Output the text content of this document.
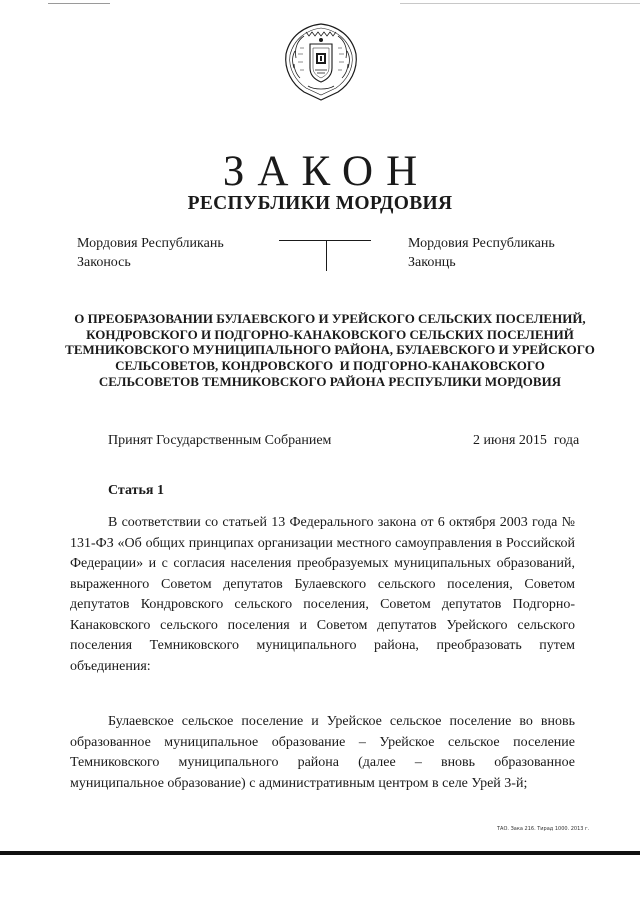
ЗАКОН
РЕСПУБЛИКИ МОРДОВИЯ
Мордовия Республикань
Законось
Мордовия Республикань
Законць
О ПРЕОБРАЗОВАНИИ БУЛАЕВСКОГО И УРЕЙСКОГО СЕЛЬСКИХ ПОСЕЛЕНИЙ,
КОНДРОВСКОГО И ПОДГОРНО-КАНАКОВСКОГО СЕЛЬСКИХ ПОСЕЛЕНИЙ
ТЕМНИКОВСКОГО МУНИЦИПАЛЬНОГО РАЙОНА, БУЛАЕВСКОГО И УРЕЙСКОГО
СЕЛЬСОВЕТОВ, КОНДРОВСКОГО  И ПОДГОРНО-КАНАКОВСКОГО
СЕЛЬСОВЕТОВ ТЕМНИКОВСКОГО РАЙОНА РЕСПУБЛИКИ МОРДОВИЯ
Принят Государственным Собранием	2 июня 2015  года
Статья 1

В соответствии со статьей 13 Федерального закона от 6 октября 2003 года № 131-ФЗ «Об общих принципах организации местного самоуправления в Российской Федерации» и с согласия населения преобразуемых муниципальных образований, выраженного Советом депутатов Булаевского сельского поселения, Советом депутатов Кондровского сельского поселения, Советом депутатов Подгорно-Канаковского сельского поселения и Советом депутатов Урейского сельского поселения Темниковского муниципального района, преобразовать путем объединения:

Булаевское сельское поселение и Урейское сельское поселение во вновь образованное муниципальное образование – Урейское сельское поселение Темниковского муниципального района (далее – вновь образованное муниципальное образование) с административным центром в селе Урей 3-й;

ТАО. Зака 216. Тирад 1000. 2013 г.
